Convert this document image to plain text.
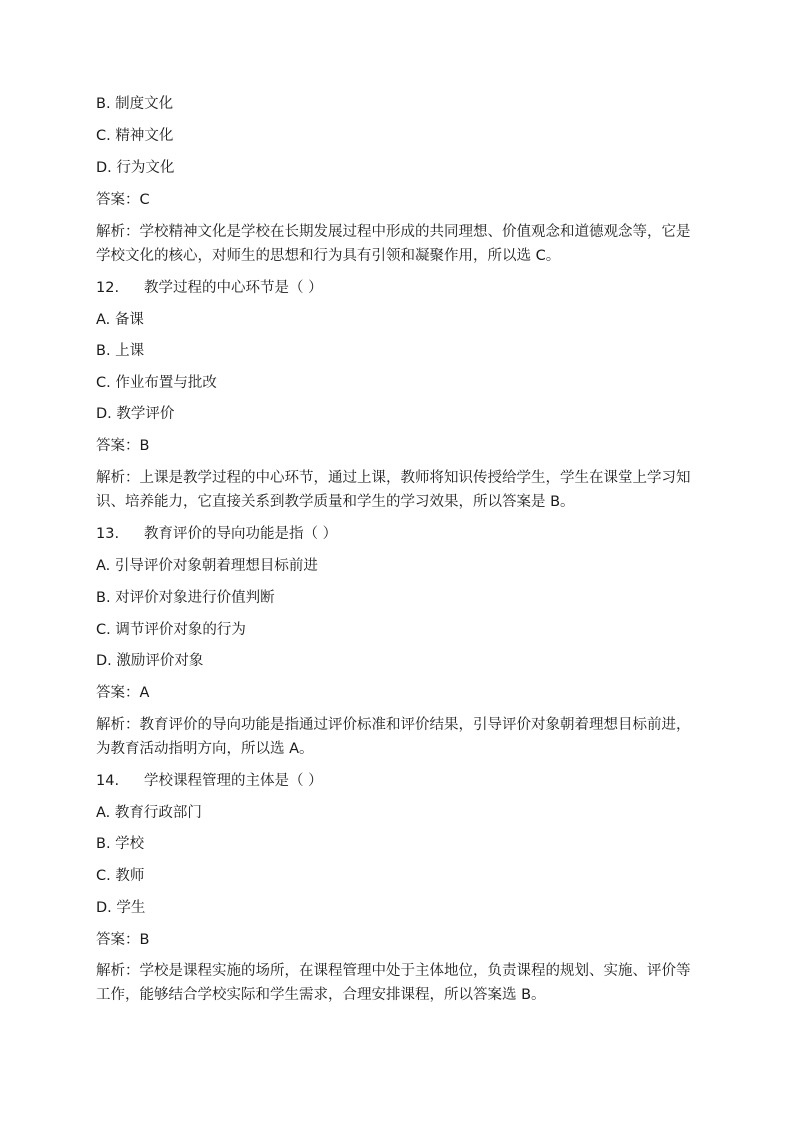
B. 制度文化
C. 精神文化
D. 行为文化
答案：C
解析：学校精神文化是学校在长期发展过程中形成的共同理想、价值观念和道德观念等，它是
学校文化的核心，对师生的思想和行为具有引领和凝聚作用，所以选 C。
12. 教学过程的中心环节是（ ）
A. 备课
B. 上课
C. 作业布置与批改
D. 教学评价
答案：B
解析：上课是教学过程的中心环节，通过上课，教师将知识传授给学生，学生在课堂上学习知
识、培养能力，它直接关系到教学质量和学生的学习效果，所以答案是 B。
13. 教育评价的导向功能是指（ ）
A. 引导评价对象朝着理想目标前进
B. 对评价对象进行价值判断
C. 调节评价对象的行为
D. 激励评价对象
答案：A
解析：教育评价的导向功能是指通过评价标准和评价结果，引导评价对象朝着理想目标前进，
为教育活动指明方向，所以选 A。
14. 学校课程管理的主体是（ ）
A. 教育行政部门
B. 学校
C. 教师
D. 学生
答案：B
解析：学校是课程实施的场所，在课程管理中处于主体地位，负责课程的规划、实施、评价等
工作，能够结合学校实际和学生需求，合理安排课程，所以答案选 B。
